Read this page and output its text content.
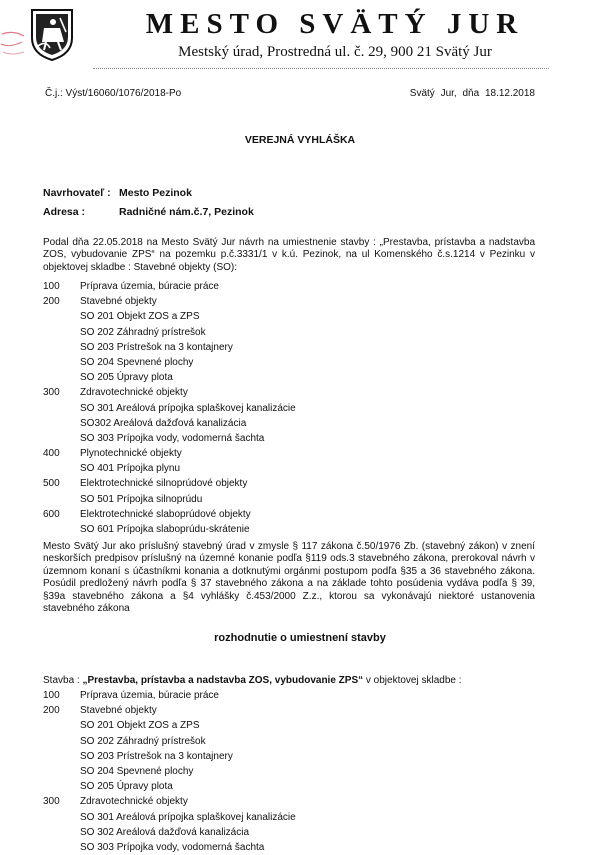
MESTO SVÄTÝ JUR
Mestský úrad, Prostredná ul. č. 29, 900 21 Svätý Jur
Č.j.: Výst/16060/1076/2018-Po	Svätý Jur, dňa 18.12.2018
VEREJNÁ VYHLÁŠKA
Navrhovateľ : Mesto Pezinok
Adresa :	Radničné nám.č.7, Pezinok
Podal dňa 22.05.2018 na Mesto Svätý Jur návrh na umiestnenie stavby : „Prestavba, prístavba a nadstavba ZOS, vybudovanie ZPS“ na pozemku p.č.3331/1 v k.ú. Pezinok, na ul Komenského č.s.1214 v Pezinku v objektovej skladbe : Stavebné objekty (SO):
100 Príprava územia, búracie práce
200 Stavebné objekty
SO 201 Objekt ZOS a ZPS
SO 202 Záhradný prístrešok
SO 203 Prístrešok na 3 kontajnery
SO 204 Spevnené plochy
SO 205 Úpravy plota
300 Zdravotechnické objekty
SO 301 Areálová prípojka splaškovej kanalizácie
SO302 Areálová dažďová kanalizácia
SO 303 Prípojka vody, vodomerná šachta
400 Plynotechnické objekty
SO 401 Prípojka plynu
500 Elektrotechnické silnoprúdové objekty
SO 501 Prípojka silnoprúdu
600 Elektrotechnické slaboprúdové objekty
SO 601 Prípojka slaboprúdu-skrátenie
Mesto Svätý Jur ako príslušný stavebný úrad v zmysle § 117 zákona č.50/1976 Zb. (stavebný zákon) v znení neskorších predpisov príslušný na územné konanie podľa §119 ods.3 stavebného zákona, prerokoval návrh v územnom konaní s účastníkmi konania a dotknutými orgánmi postupom podľa §35 a 36 stavebného zákona. Posúdil predložený návrh podľa § 37 stavebného zákona a na základe tohto posúdenia vydáva podľa § 39, §39a stavebného zákona a §4 vyhlášky č.453/2000 Z.z., ktorou sa vykonávajú niektoré ustanovenia stavebného zákona
rozhodnutie o umiestnení stavby
Stavba : „Prestavba, prístavba a nadstavba ZOS, vybudovanie ZPS“ v objektovej skladbe :
100 Príprava územia, búracie práce
200 Stavebné objekty
SO 201 Objekt ZOS a ZPS
SO 202 Záhradný prístrešok
SO 203 Prístrešok na 3 kontajnery
SO 204 Spevnené plochy
SO 205 Úpravy plota
300 Zdravotechnické objekty
SO 301 Areálová prípojka splaškovej kanalizácie
SO 302 Areálová dažďová kanalizácia
SO 303 Prípojka vody, vodomerná šachta
